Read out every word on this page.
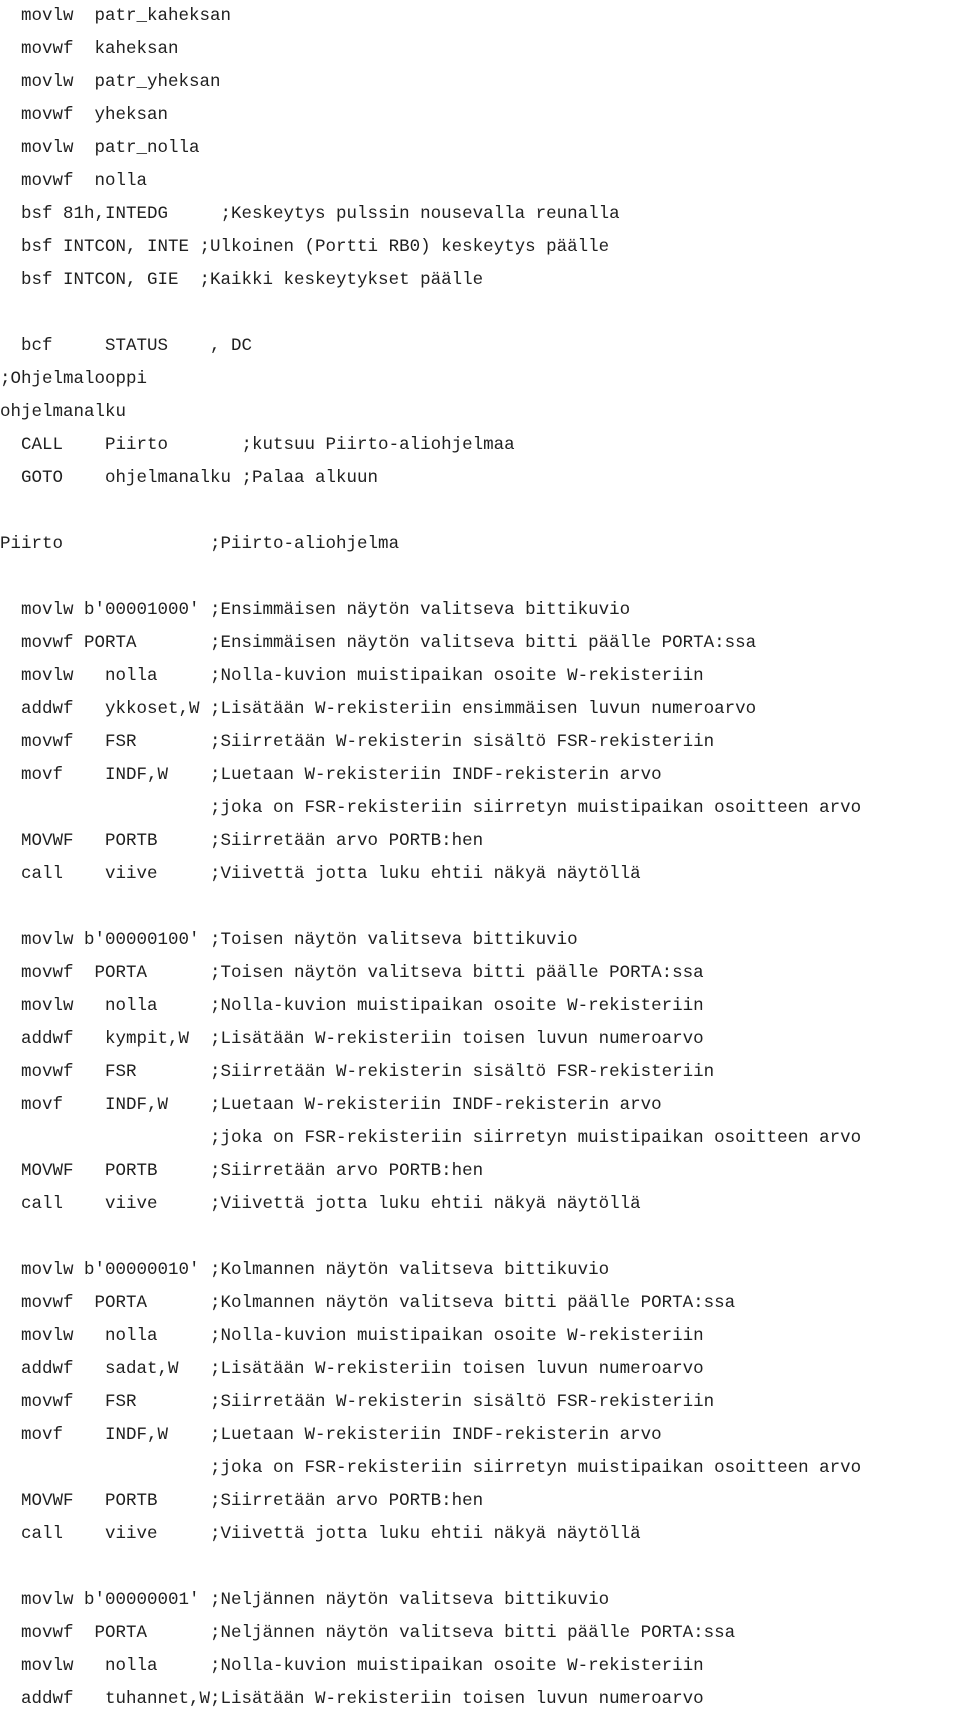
movlw  patr_kaheksan
movwf  kaheksan
movlw  patr_yheksan
movwf  yheksan
movlw  patr_nolla
movwf  nolla
bsf 81h,INTEDG     ;Keskeytys pulssin nousevalla reunalla
bsf INTCON, INTE ;Ulkoinen (Portti RB0) keskeytys päälle
bsf INTCON, GIE  ;Kaikki keskeytykset päälle
bcf     STATUS    , DC
;Ohjelmalooppi
ohjelmanalku
CALL    Piirto       ;kutsuu Piirto-aliohjelmaa
GOTO    ohjelmanalku ;Palaa alkuun
Piirto              ;Piirto-aliohjelma
movlw b'00001000' ;Ensimmäisen näytön valitseva bittikuvio
movwf PORTA       ;Ensimmäisen näytön valitseva bitti päälle PORTA:ssa
movlw   nolla     ;Nolla-kuvion muistipaikan osoite W-rekisteriin
addwf   ykkoset,W ;Lisätään W-rekisteriin ensimmäisen luvun numeroarvo
movwf   FSR       ;Siirretään W-rekisterin sisältö FSR-rekisteriin
movf    INDF,W    ;Luetaan W-rekisteriin INDF-rekisterin arvo
;joka on FSR-rekisteriin siirretyn muistipaikan osoitteen arvo
MOVWF   PORTB     ;Siirretään arvo PORTB:hen
call    viive     ;Viivettä jotta luku ehtii näkyä näytöllä
movlw b'00000100' ;Toisen näytön valitseva bittikuvio
movwf  PORTA      ;Toisen näytön valitseva bitti päälle PORTA:ssa
movlw   nolla     ;Nolla-kuvion muistipaikan osoite W-rekisteriin
addwf   kympit,W  ;Lisätään W-rekisteriin toisen luvun numeroarvo
movwf   FSR       ;Siirretään W-rekisterin sisältö FSR-rekisteriin
movf    INDF,W    ;Luetaan W-rekisteriin INDF-rekisterin arvo
;joka on FSR-rekisteriin siirretyn muistipaikan osoitteen arvo
MOVWF   PORTB     ;Siirretään arvo PORTB:hen
call    viive     ;Viivettä jotta luku ehtii näkyä näytöllä
movlw b'00000010' ;Kolmannen näytön valitseva bittikuvio
movwf  PORTA      ;Kolmannen näytön valitseva bitti päälle PORTA:ssa
movlw   nolla     ;Nolla-kuvion muistipaikan osoite W-rekisteriin
addwf   sadat,W   ;Lisätään W-rekisteriin toisen luvun numeroarvo
movwf   FSR       ;Siirretään W-rekisterin sisältö FSR-rekisteriin
movf    INDF,W    ;Luetaan W-rekisteriin INDF-rekisterin arvo
;joka on FSR-rekisteriin siirretyn muistipaikan osoitteen arvo
MOVWF   PORTB     ;Siirretään arvo PORTB:hen
call    viive     ;Viivettä jotta luku ehtii näkyä näytöllä
movlw b'00000001' ;Neljännen näytön valitseva bittikuvio
movwf  PORTA      ;Neljännen näytön valitseva bitti päälle PORTA:ssa
movlw   nolla     ;Nolla-kuvion muistipaikan osoite W-rekisteriin
addwf   tuhannet,W;Lisätään W-rekisteriin toisen luvun numeroarvo
